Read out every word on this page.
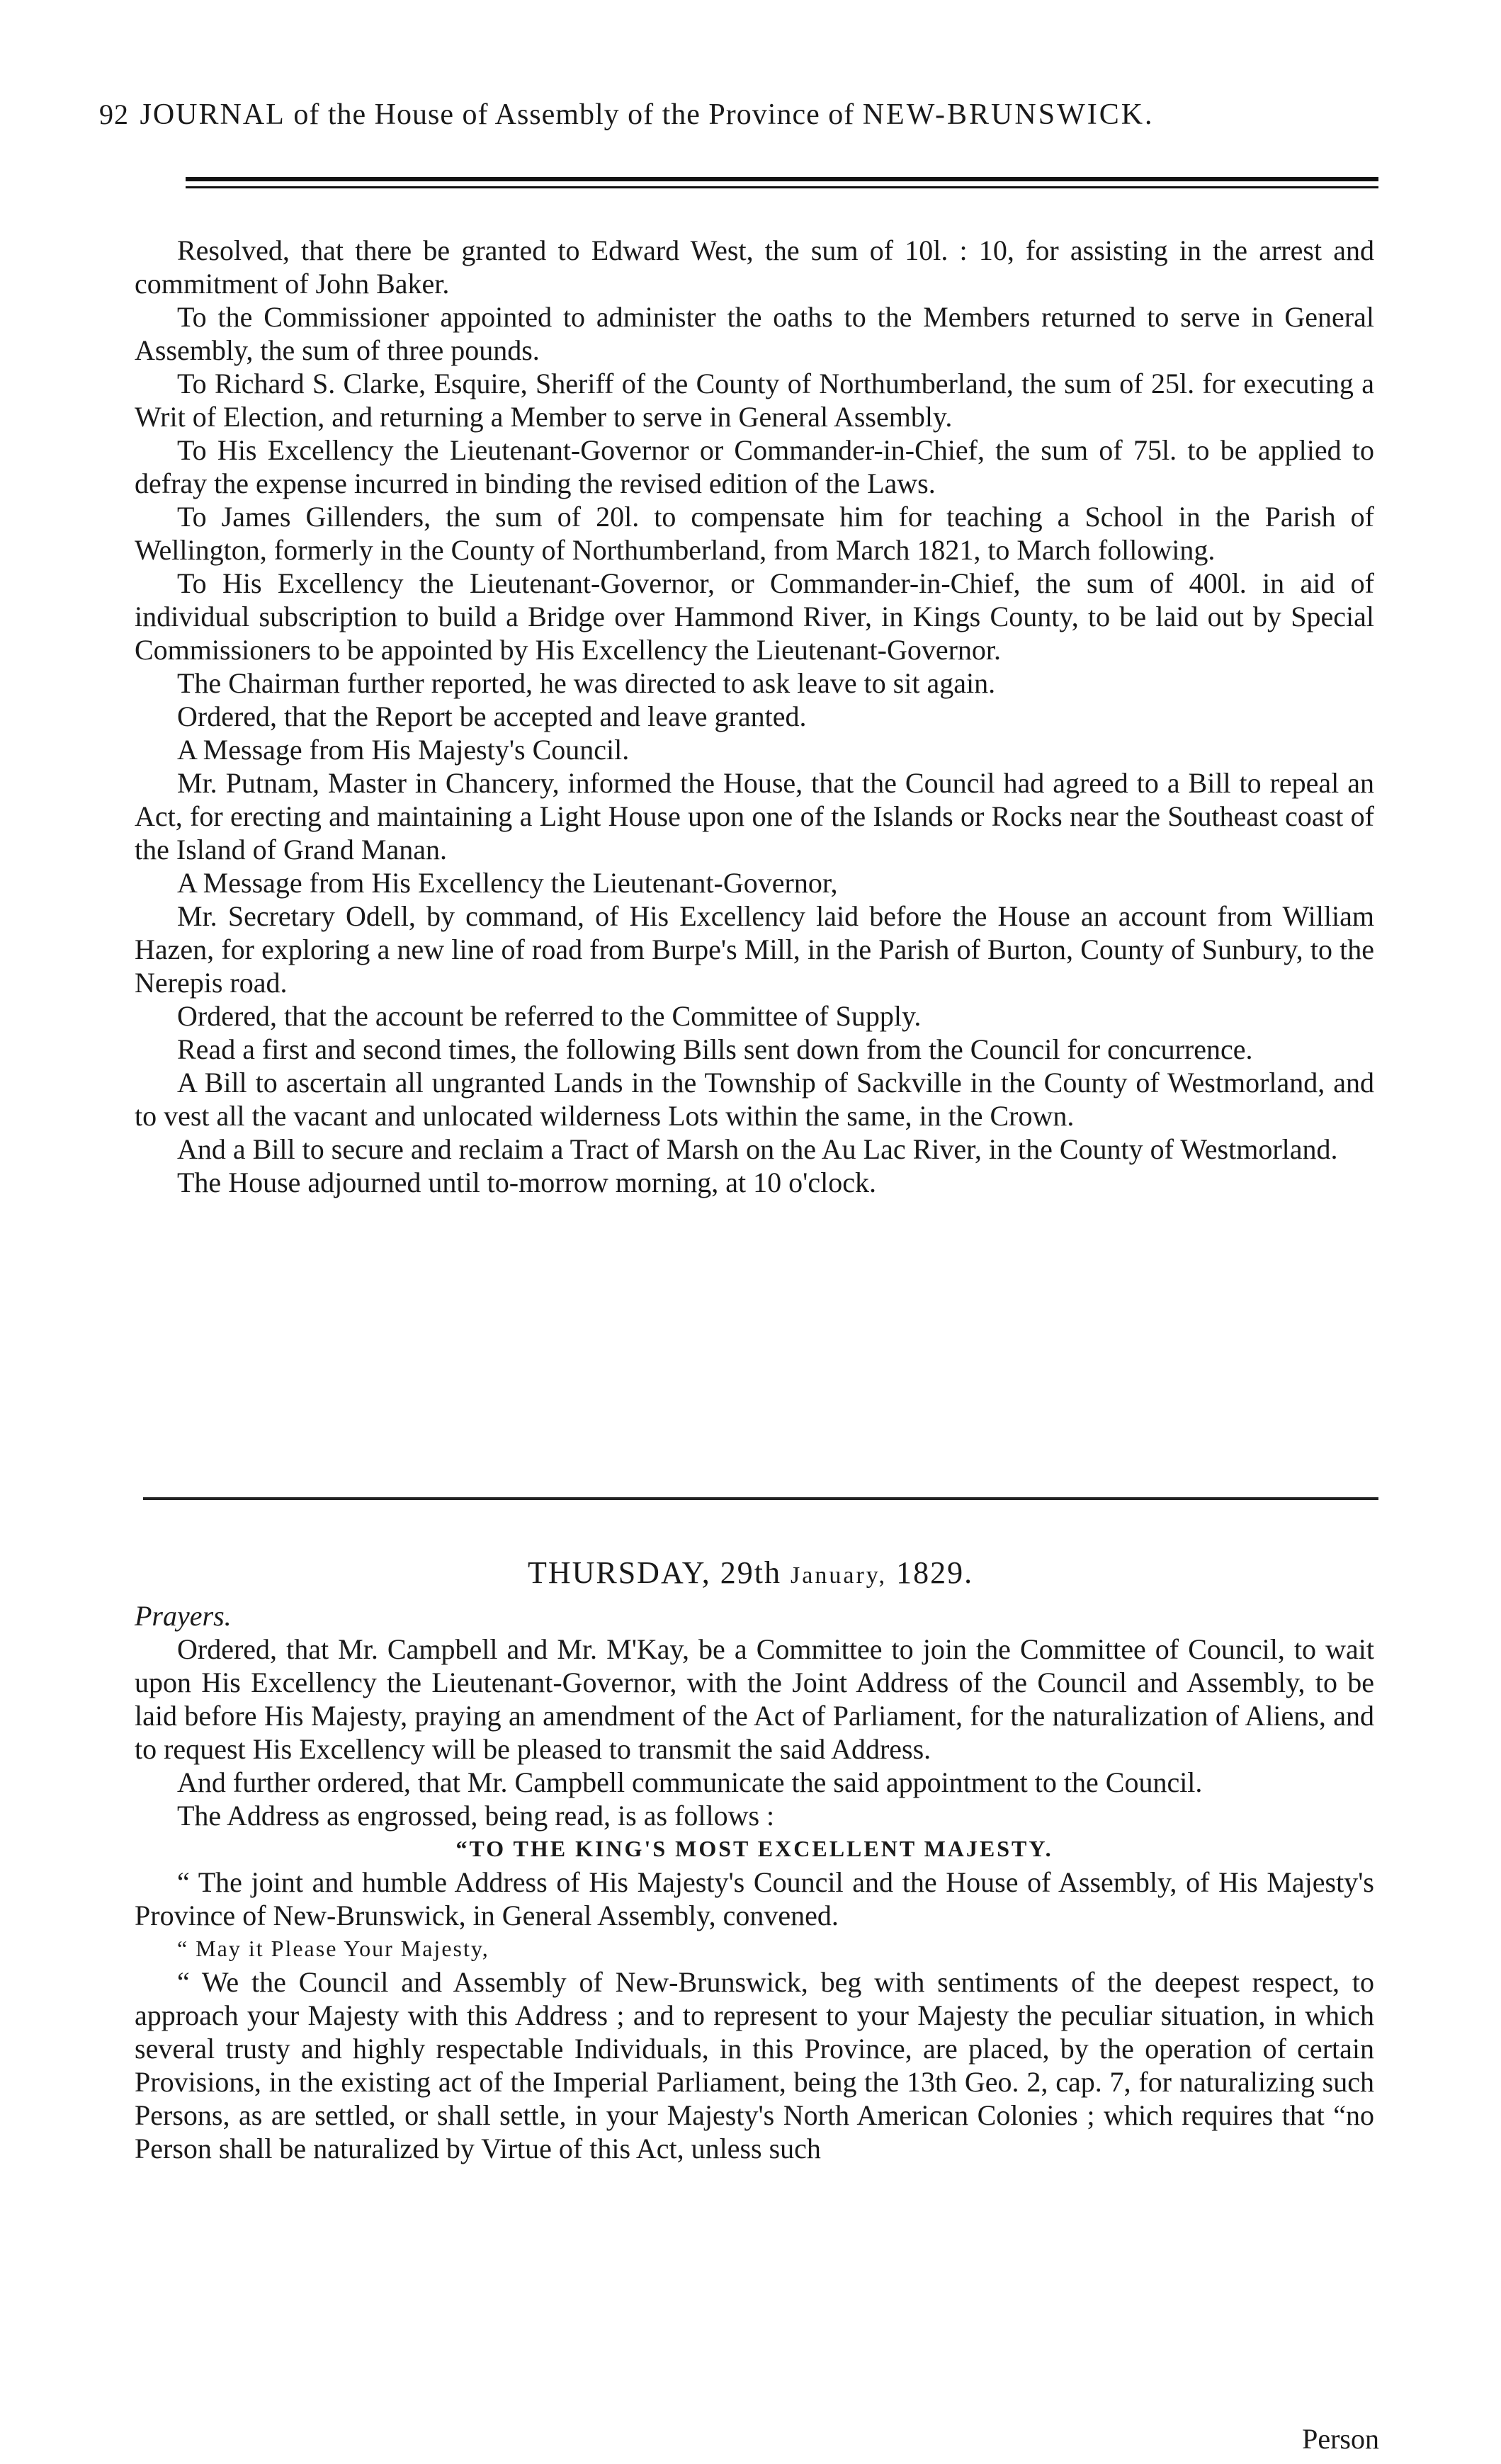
92 JOURNAL of the House of Assembly of the Province of NEW-BRUNSWICK.

Resolved, that there be granted to Edward West, the sum of 10l. : 10, for assisting in the arrest and commitment of John Baker.

To the Commissioner appointed to administer the oaths to the Members returned to serve in General Assembly, the sum of three pounds.

To Richard S. Clarke, Esquire, Sheriff of the County of Northumberland, the sum of 25l. for executing a Writ of Election, and returning a Member to serve in General Assembly.

To His Excellency the Lieutenant-Governor or Commander-in-Chief, the sum of 75l. to be applied to defray the expense incurred in binding the revised edition of the Laws.

To James Gillenders, the sum of 20l. to compensate him for teaching a School in the Parish of Wellington, formerly in the County of Northumberland, from March 1821, to March following.

To His Excellency the Lieutenant-Governor, or Commander-in-Chief, the sum of 400l. in aid of individual subscription to build a Bridge over Hammond River, in Kings County, to be laid out by Special Commissioners to be appointed by His Excellency the Lieutenant-Governor.

The Chairman further reported, he was directed to ask leave to sit again.

Ordered, that the Report be accepted and leave granted.

A Message from His Majesty's Council.

Mr. Putnam, Master in Chancery, informed the House, that the Council had agreed to a Bill to repeal an Act, for erecting and maintaining a Light House upon one of the Islands or Rocks near the Southeast coast of the Island of Grand Manan.

A Message from His Excellency the Lieutenant-Governor,

Mr. Secretary Odell, by command, of His Excellency laid before the House an account from William Hazen, for exploring a new line of road from Burpe's Mill, in the Parish of Burton, County of Sunbury, to the Nerepis road.

Ordered, that the account be referred to the Committee of Supply.

Read a first and second times, the following Bills sent down from the Council for concurrence.

A Bill to ascertain all ungranted Lands in the Township of Sackville in the County of Westmorland, and to vest all the vacant and unlocated wilderness Lots within the same, in the Crown.

And a Bill to secure and reclaim a Tract of Marsh on the Au Lac River, in the County of Westmorland.

The House adjourned until to-morrow morning, at 10 o'clock.

THURSDAY, 29th January, 1829.

Prayers.

Ordered, that Mr. Campbell and Mr. M'Kay, be a Committee to join the Committee of Council, to wait upon His Excellency the Lieutenant-Governor, with the Joint Address of the Council and Assembly, to be laid before His Majesty, praying an amendment of the Act of Parliament, for the naturalization of Aliens, and to request His Excellency will be pleased to transmit the said Address.

And further ordered, that Mr. Campbell communicate the said appointment to the Council.

The Address as engrossed, being read, is as follows :

“TO THE KING'S MOST EXCELLENT MAJESTY.

“ The joint and humble Address of His Majesty's Council and the House of Assembly, of His Majesty's Province of New-Brunswick, in General Assembly, convened.

“ May it Please Your Majesty,

“ We the Council and Assembly of New-Brunswick, beg with sentiments of the deepest respect, to approach your Majesty with this Address ; and to represent to your Majesty the peculiar situation, in which several trusty and highly respectable Individuals, in this Province, are placed, by the operation of certain Provisions, in the existing act of the Imperial Parliament, being the 13th Geo. 2, cap. 7, for naturalizing such Persons, as are settled, or shall settle, in your Majesty's North American Colonies ; which requires that “no Person shall be naturalized by Virtue of this Act, unless such

Person
